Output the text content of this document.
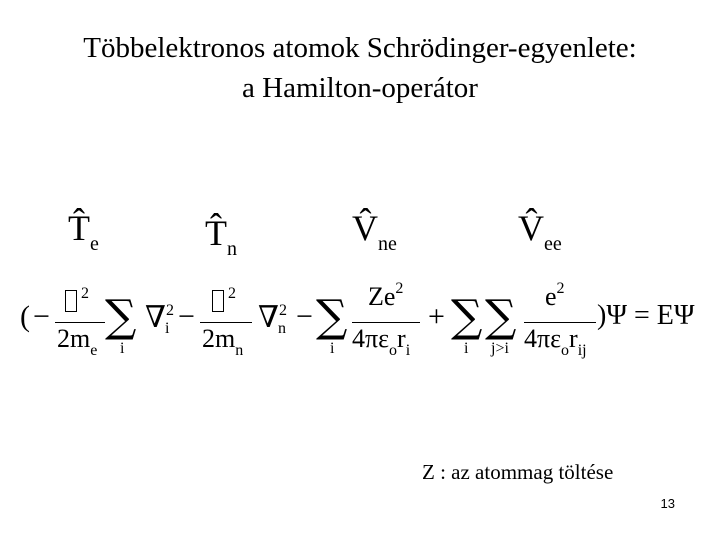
Többelektronos atomok Schrödinger-egyenlete:
a Hamilton-operátor
T̂e	T̂n
V̂ne	V̂ee
( −
$^2$
$2m_e$
∑
i
∇$^2_i$ −
$^2$
$2m_n$
∇$^2_n$ − ∑
i
Ze$^2$
$4\pi\varepsilon_or_i$
+ ∑
i
∑
j>i
$e^2$
$4\pi\varepsilon_or_{ij}$
)Ψ = EΨ
Z : az atommag töltése
13
